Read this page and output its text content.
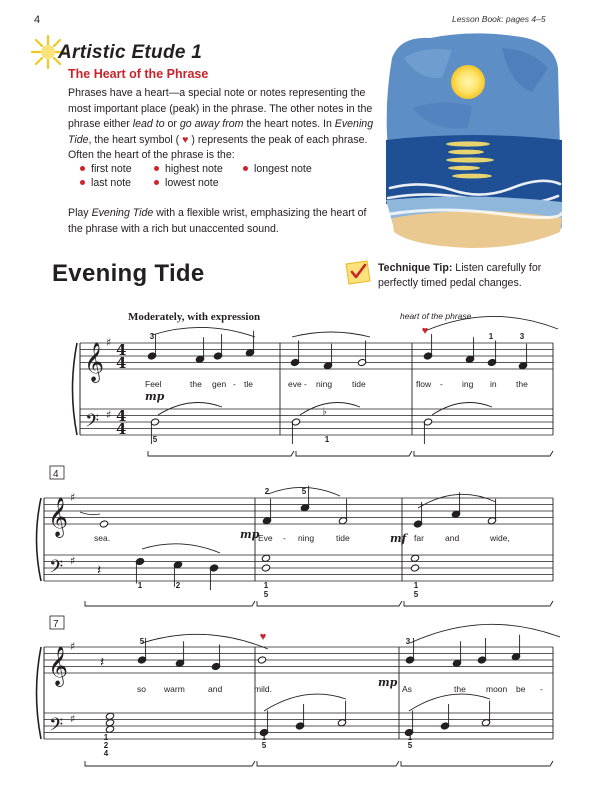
4	Lesson Book: pages 4–5
Artistic Etude 1
The Heart of the Phrase
Phrases have a heart—a special note or notes representing the most important place (peak) in the phrase. The other notes in the phrase either lead to or go away from the heart notes. In Evening Tide, the heart symbol ( ♥ ) represents the peak of each phrase. Often the heart of the phrase is the:
first note	highest note	longest note
last note	lowest note
Play Evening Tide with a flexible wrist, emphasizing the heart of the phrase with a rich but unaccented sound.
Evening Tide	Technique Tip: Listen carefully for perfectly timed pedal changes.
Moderately, with expression	heart of the phrase
𝄞
𝄢
♯
♯
4
4
4
4
♥
3	1	3
♭
5	1
mp
Feel	the gen - tle	eve - ning tide	flow - ing in the
𝄞
𝄢
♯
♯
4
2	5
mp	mf
sea.	Eve - ning	tide	far and	wide,
𝄽
1	2	1
5
1
5
𝄞
𝄢
♯
♯
7
𝄽
♥
5	3
mp
so warm	and	mild.	As	the moon be -
1
2
4
1
5
1
5
